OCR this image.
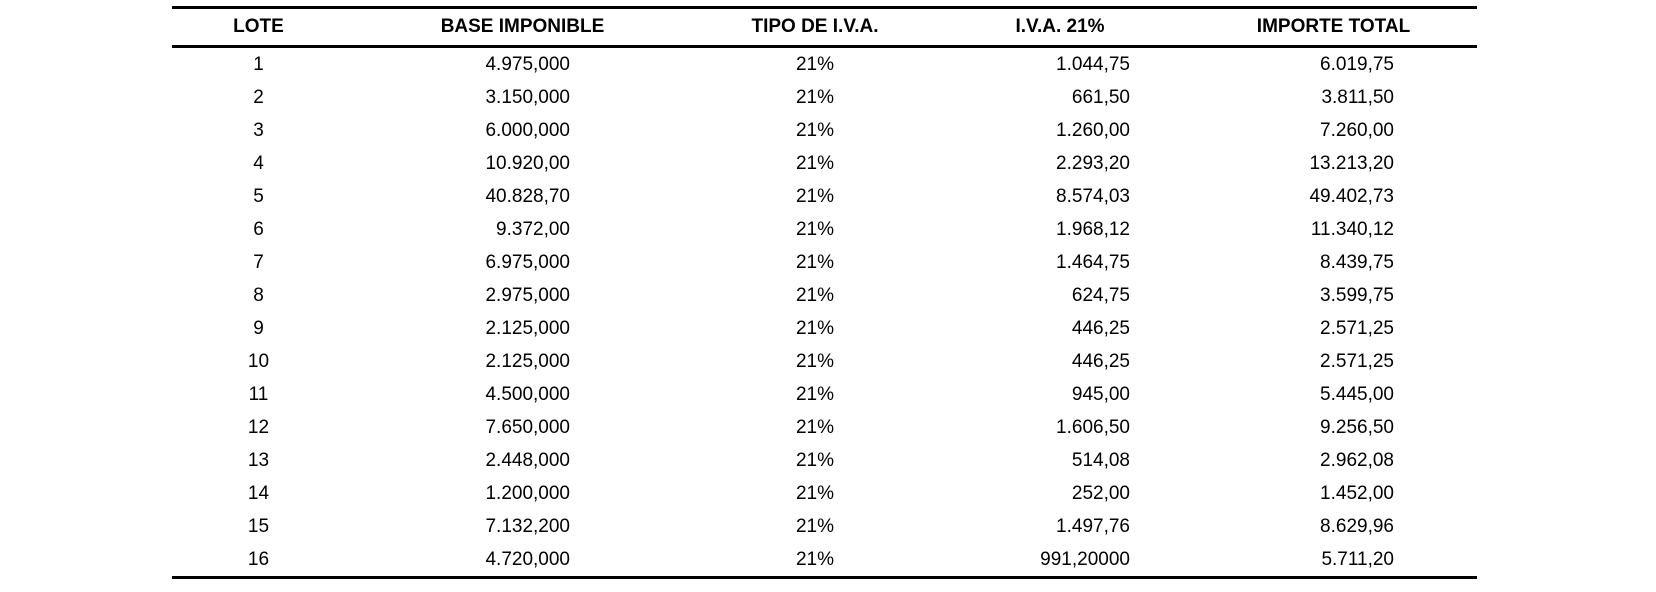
LOTE	BASE IMPONIBLE	TIPO DE I.V.A.	I.V.A. 21%	IMPORTE TOTAL
1	4.975,000	21%	1.044,75	6.019,75
2	3.150,000	21%	661,50	3.811,50
3	6.000,000	21%	1.260,00	7.260,00
4	10.920,00	21%	2.293,20	13.213,20
5	40.828,70	21%	8.574,03	49.402,73
6	9.372,00	21%	1.968,12	11.340,12
7	6.975,000	21%	1.464,75	8.439,75
8	2.975,000	21%	624,75	3.599,75
9	2.125,000	21%	446,25	2.571,25
10	2.125,000	21%	446,25	2.571,25
11	4.500,000	21%	945,00	5.445,00
12	7.650,000	21%	1.606,50	9.256,50
13	2.448,000	21%	514,08	2.962,08
14	1.200,000	21%	252,00	1.452,00
15	7.132,200	21%	1.497,76	8.629,96
16	4.720,000	21%	991,20000	5.711,20
